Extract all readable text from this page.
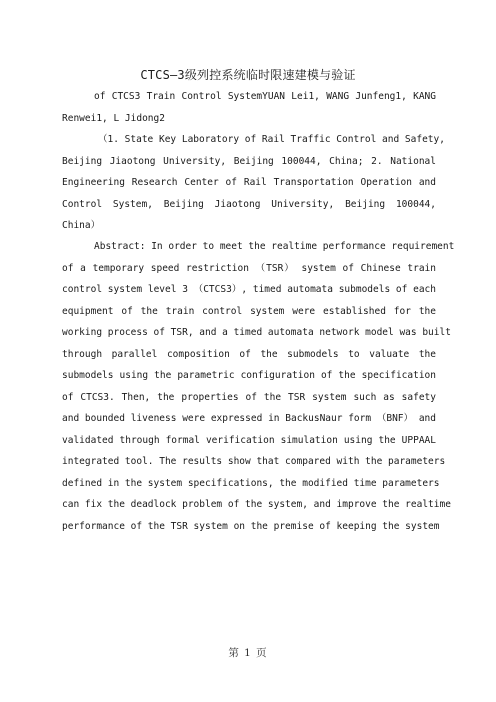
CTCS—3级列控系统临时限速建模与验证
of CTCS3 Train Control SystemYUAN Lei1, WANG Junfeng1, KANG
Renwei1, L Jidong2
（1. State Key Laboratory of Rail Traffic Control and Safety,
Beijing Jiaotong University, Beijing 100044, China; 2. National
Engineering Research Center of Rail Transportation Operation and
Control System, Beijing Jiaotong University, Beijing 100044,
China）
Abstract: In order to meet the realtime performance requirement
of a temporary speed restriction （TSR） system of Chinese train
control system level 3 （CTCS3）, timed automata submodels of each
equipment of the train control system were established for the
working process of TSR, and a timed automata network model was built
through parallel composition of the submodels to valuate the
submodels using the parametric configuration of the specification
of CTCS3. Then, the properties of the TSR system such as safety
and bounded liveness were expressed in BackusNaur form （BNF） and
validated through formal verification simulation using the UPPAAL
integrated tool. The results show that compared with the parameters
defined in the system specifications, the modified time parameters
can fix the deadlock problem of the system, and improve the realtime
performance of the TSR system on the premise of keeping the system
第 1 页
